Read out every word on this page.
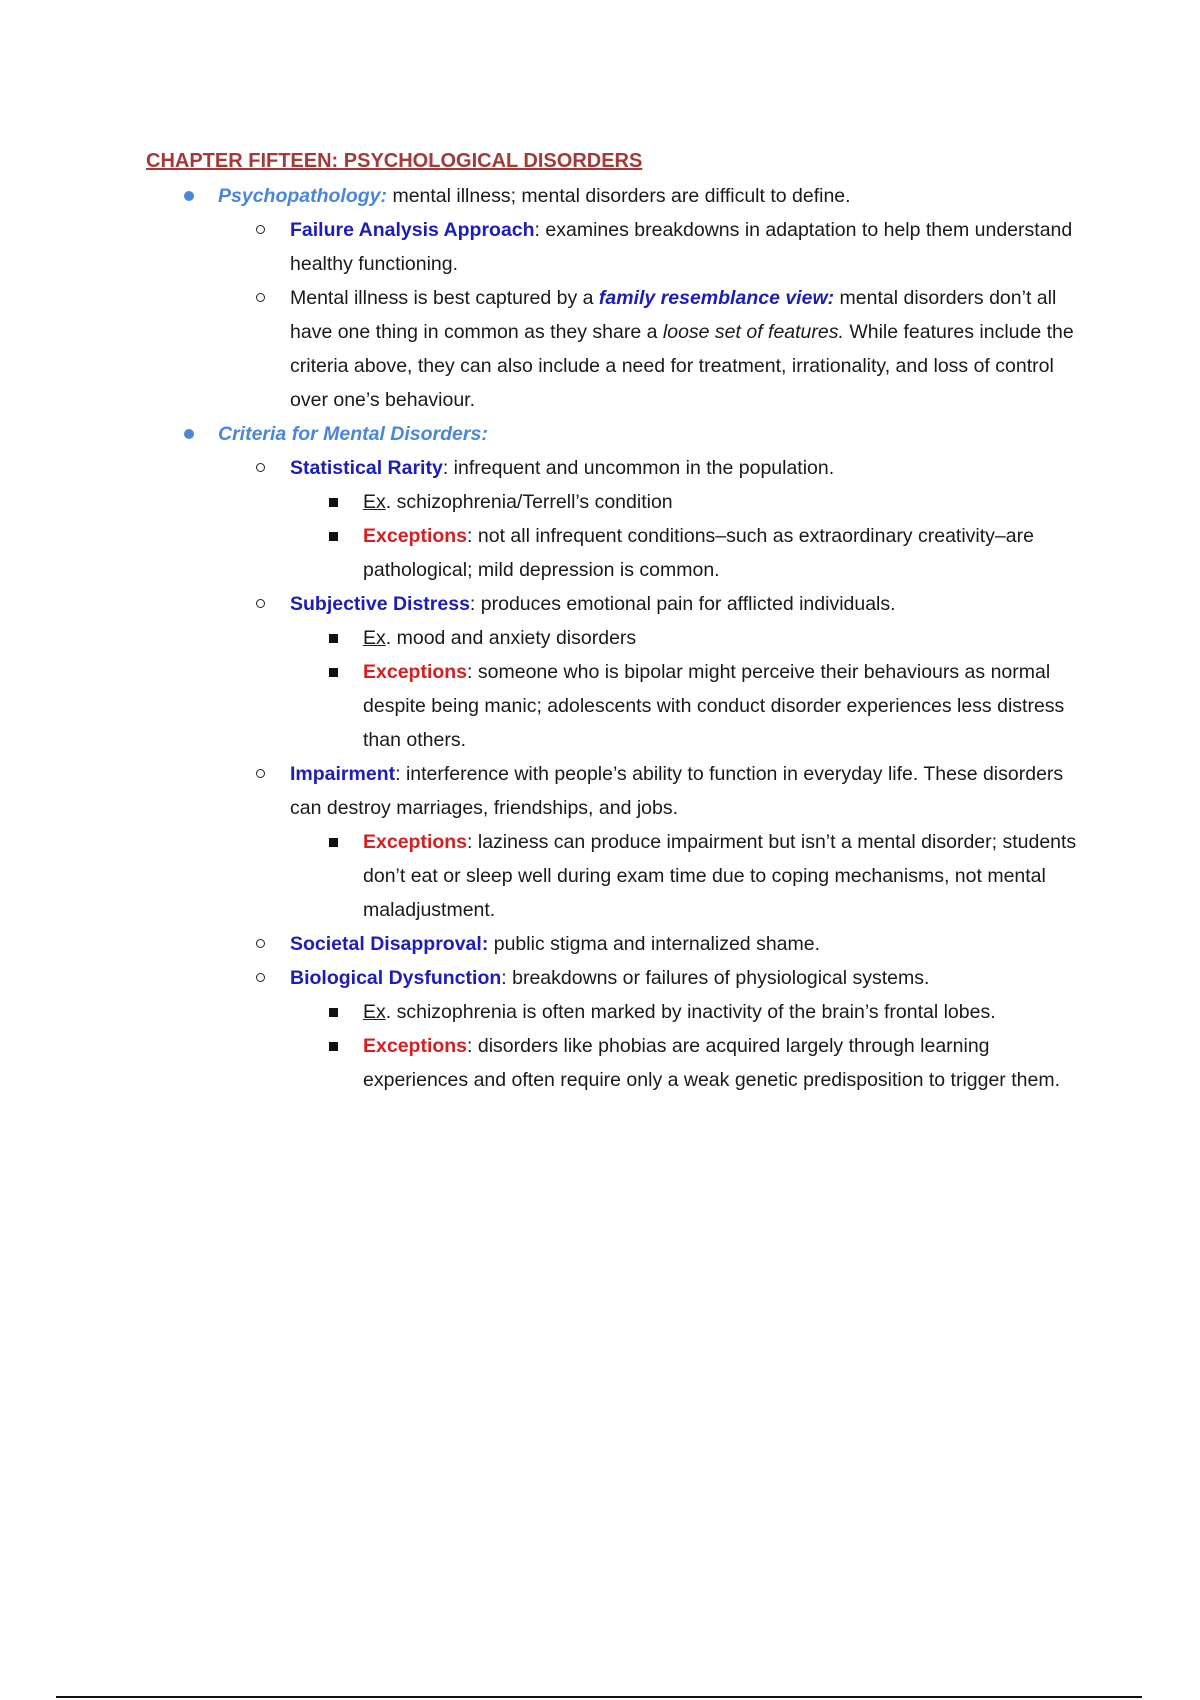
CHAPTER FIFTEEN: PSYCHOLOGICAL DISORDERS
Psychopathology: mental illness; mental disorders are difficult to define.
Failure Analysis Approach: examines breakdowns in adaptation to help them understand healthy functioning.
Mental illness is best captured by a family resemblance view: mental disorders don’t all have one thing in common as they share a loose set of features. While features include the criteria above, they can also include a need for treatment, irrationality, and loss of control over one’s behaviour.
Criteria for Mental Disorders:
Statistical Rarity: infrequent and uncommon in the population.
Ex. schizophrenia/Terrell’s condition
Exceptions: not all infrequent conditions–such as extraordinary creativity–are pathological; mild depression is common.
Subjective Distress: produces emotional pain for afflicted individuals.
Ex. mood and anxiety disorders
Exceptions: someone who is bipolar might perceive their behaviours as normal despite being manic; adolescents with conduct disorder experiences less distress than others.
Impairment: interference with people’s ability to function in everyday life. These disorders can destroy marriages, friendships, and jobs.
Exceptions: laziness can produce impairment but isn’t a mental disorder; students don’t eat or sleep well during exam time due to coping mechanisms, not mental maladjustment.
Societal Disapproval: public stigma and internalized shame.
Biological Dysfunction: breakdowns or failures of physiological systems.
Ex. schizophrenia is often marked by inactivity of the brain’s frontal lobes.
Exceptions: disorders like phobias are acquired largely through learning experiences and often require only a weak genetic predisposition to trigger them.
